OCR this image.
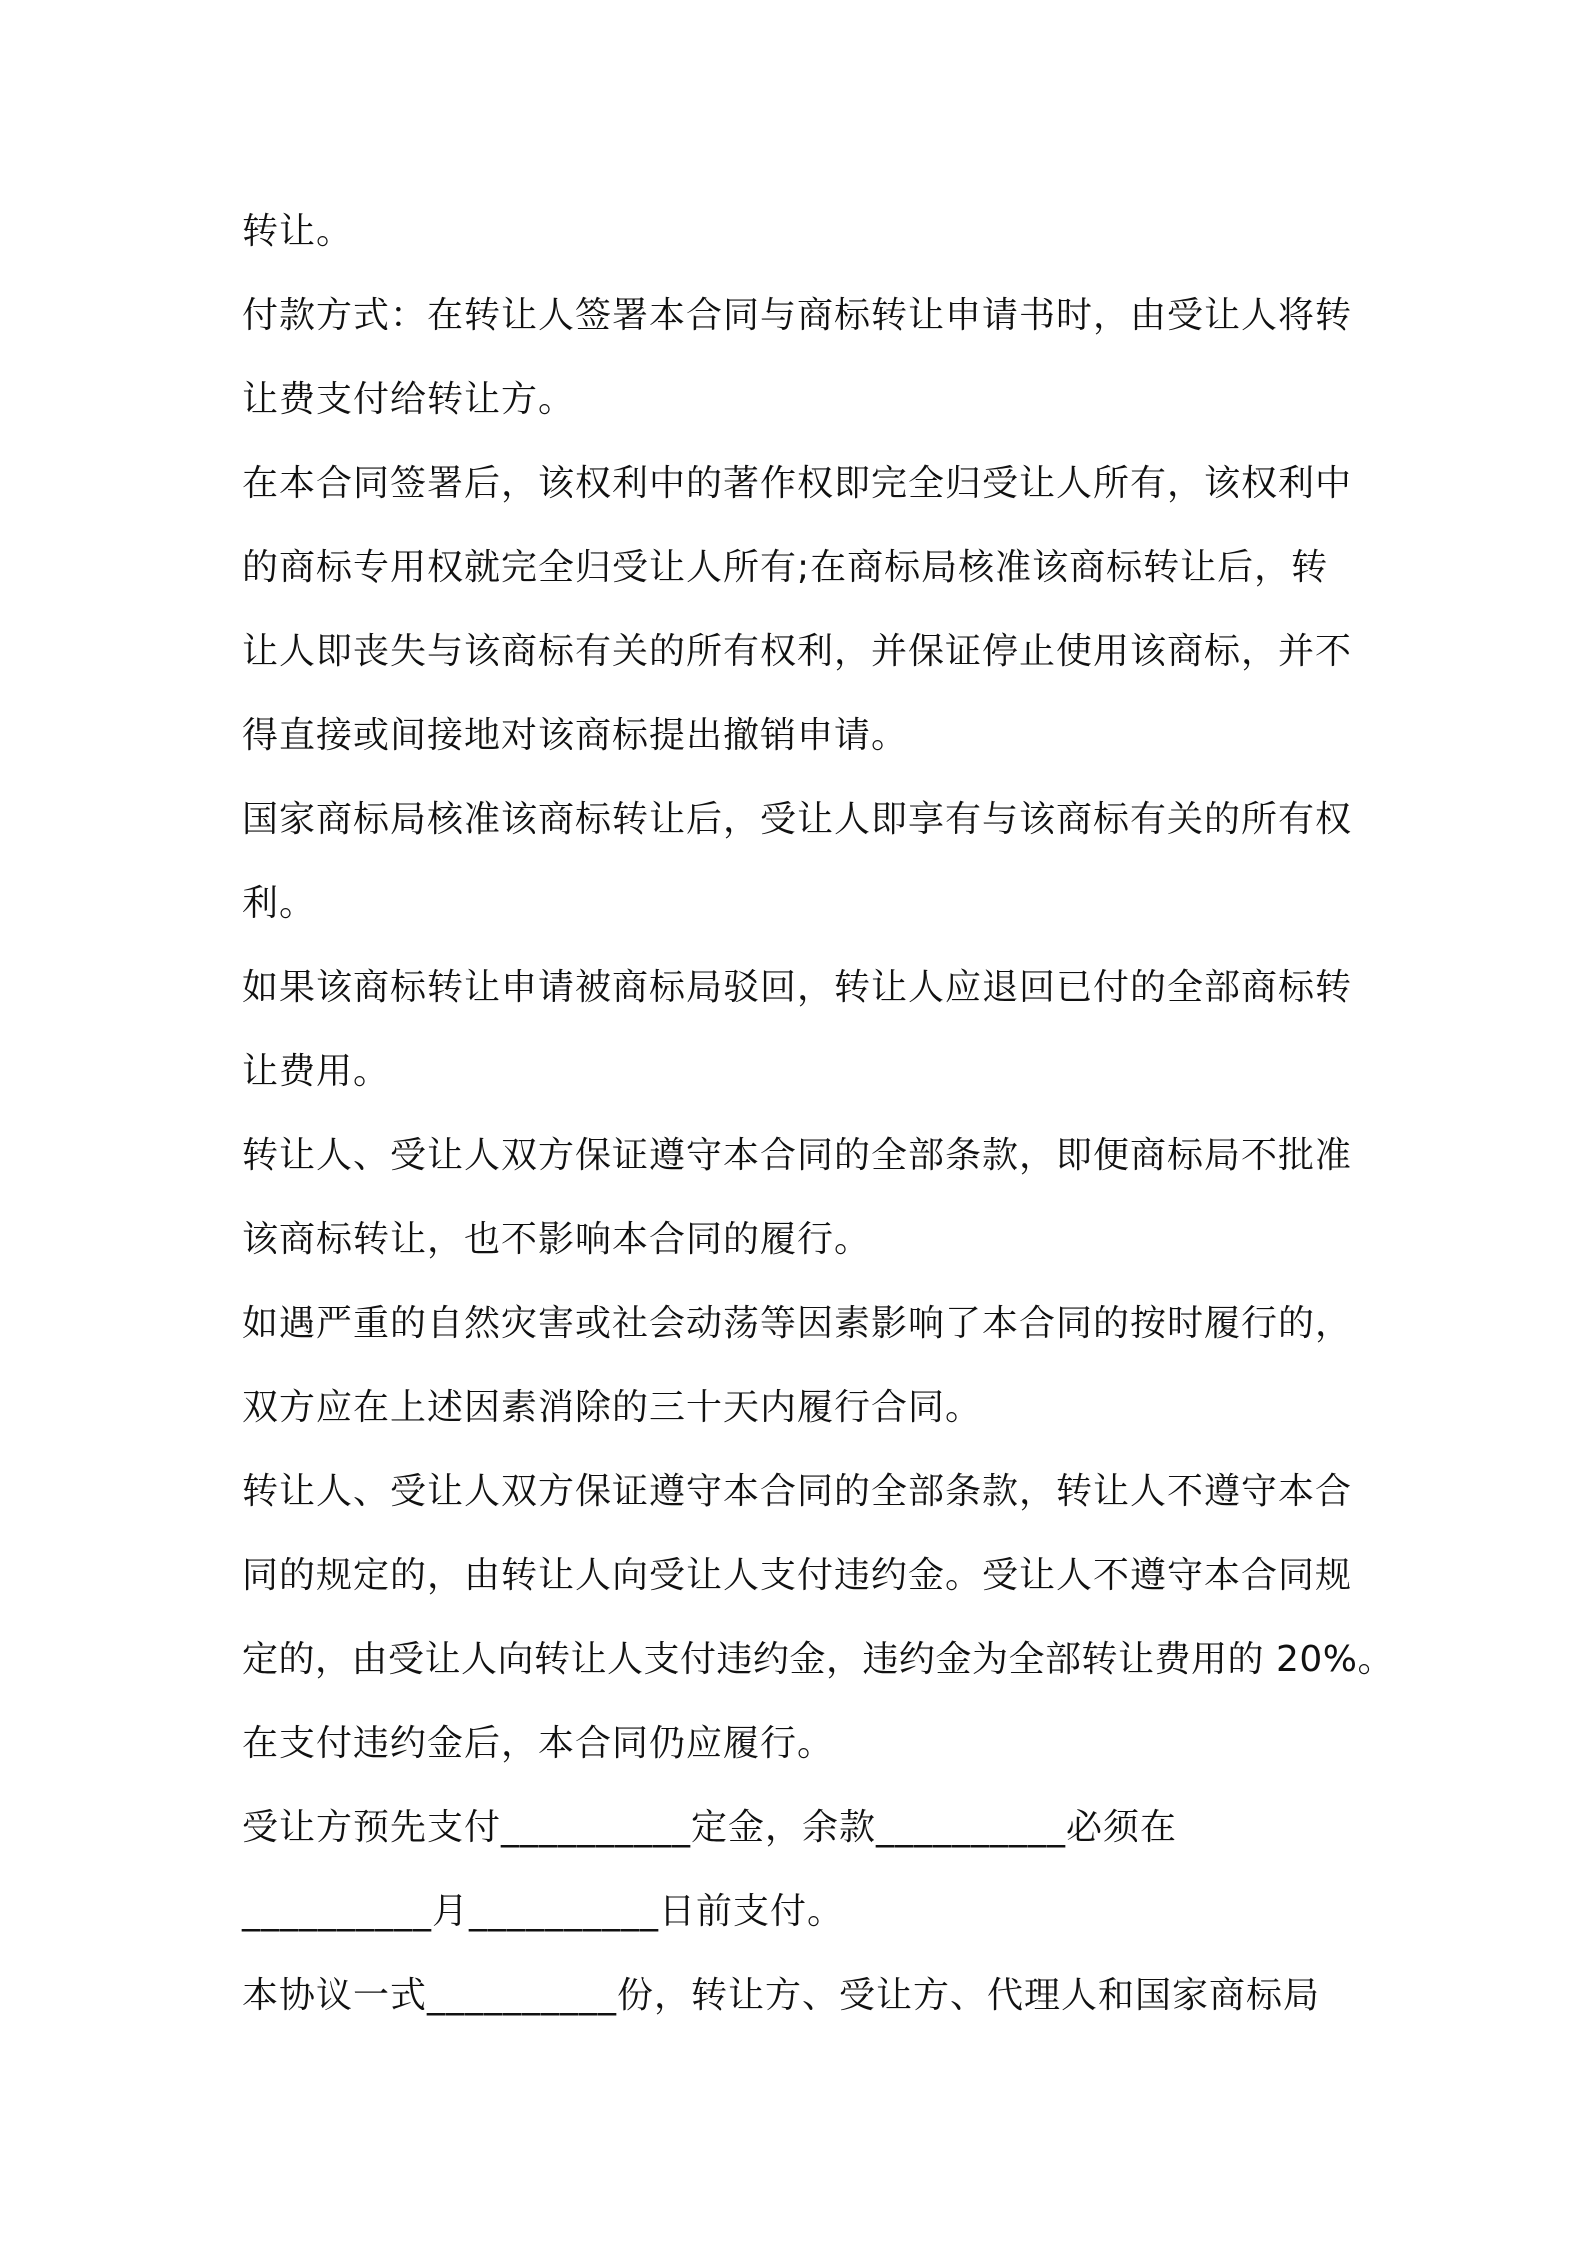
转让。
付款方式：在转让人签署本合同与商标转让申请书时，由受让人将转
让费支付给转让方。
在本合同签署后，该权利中的著作权即完全归受让人所有，该权利中
的商标专用权就完全归受让人所有;在商标局核准该商标转让后，转
让人即丧失与该商标有关的所有权利，并保证停止使用该商标，并不
得直接或间接地对该商标提出撤销申请。
国家商标局核准该商标转让后，受让人即享有与该商标有关的所有权
利。
如果该商标转让申请被商标局驳回，转让人应退回已付的全部商标转
让费用。
转让人、受让人双方保证遵守本合同的全部条款，即便商标局不批准
该商标转让，也不影响本合同的履行。
如遇严重的自然灾害或社会动荡等因素影响了本合同的按时履行的，
双方应在上述因素消除的三十天内履行合同。
转让人、受让人双方保证遵守本合同的全部条款，转让人不遵守本合
同的规定的，由转让人向受让人支付违约金。受让人不遵守本合同规
定的，由受让人向转让人支付违约金，违约金为全部转让费用的 20%。
在支付违约金后，本合同仍应履行。
受让方预先支付__________定金，余款__________必须在
__________月__________日前支付。
本协议一式__________份，转让方、受让方、代理人和国家商标局
